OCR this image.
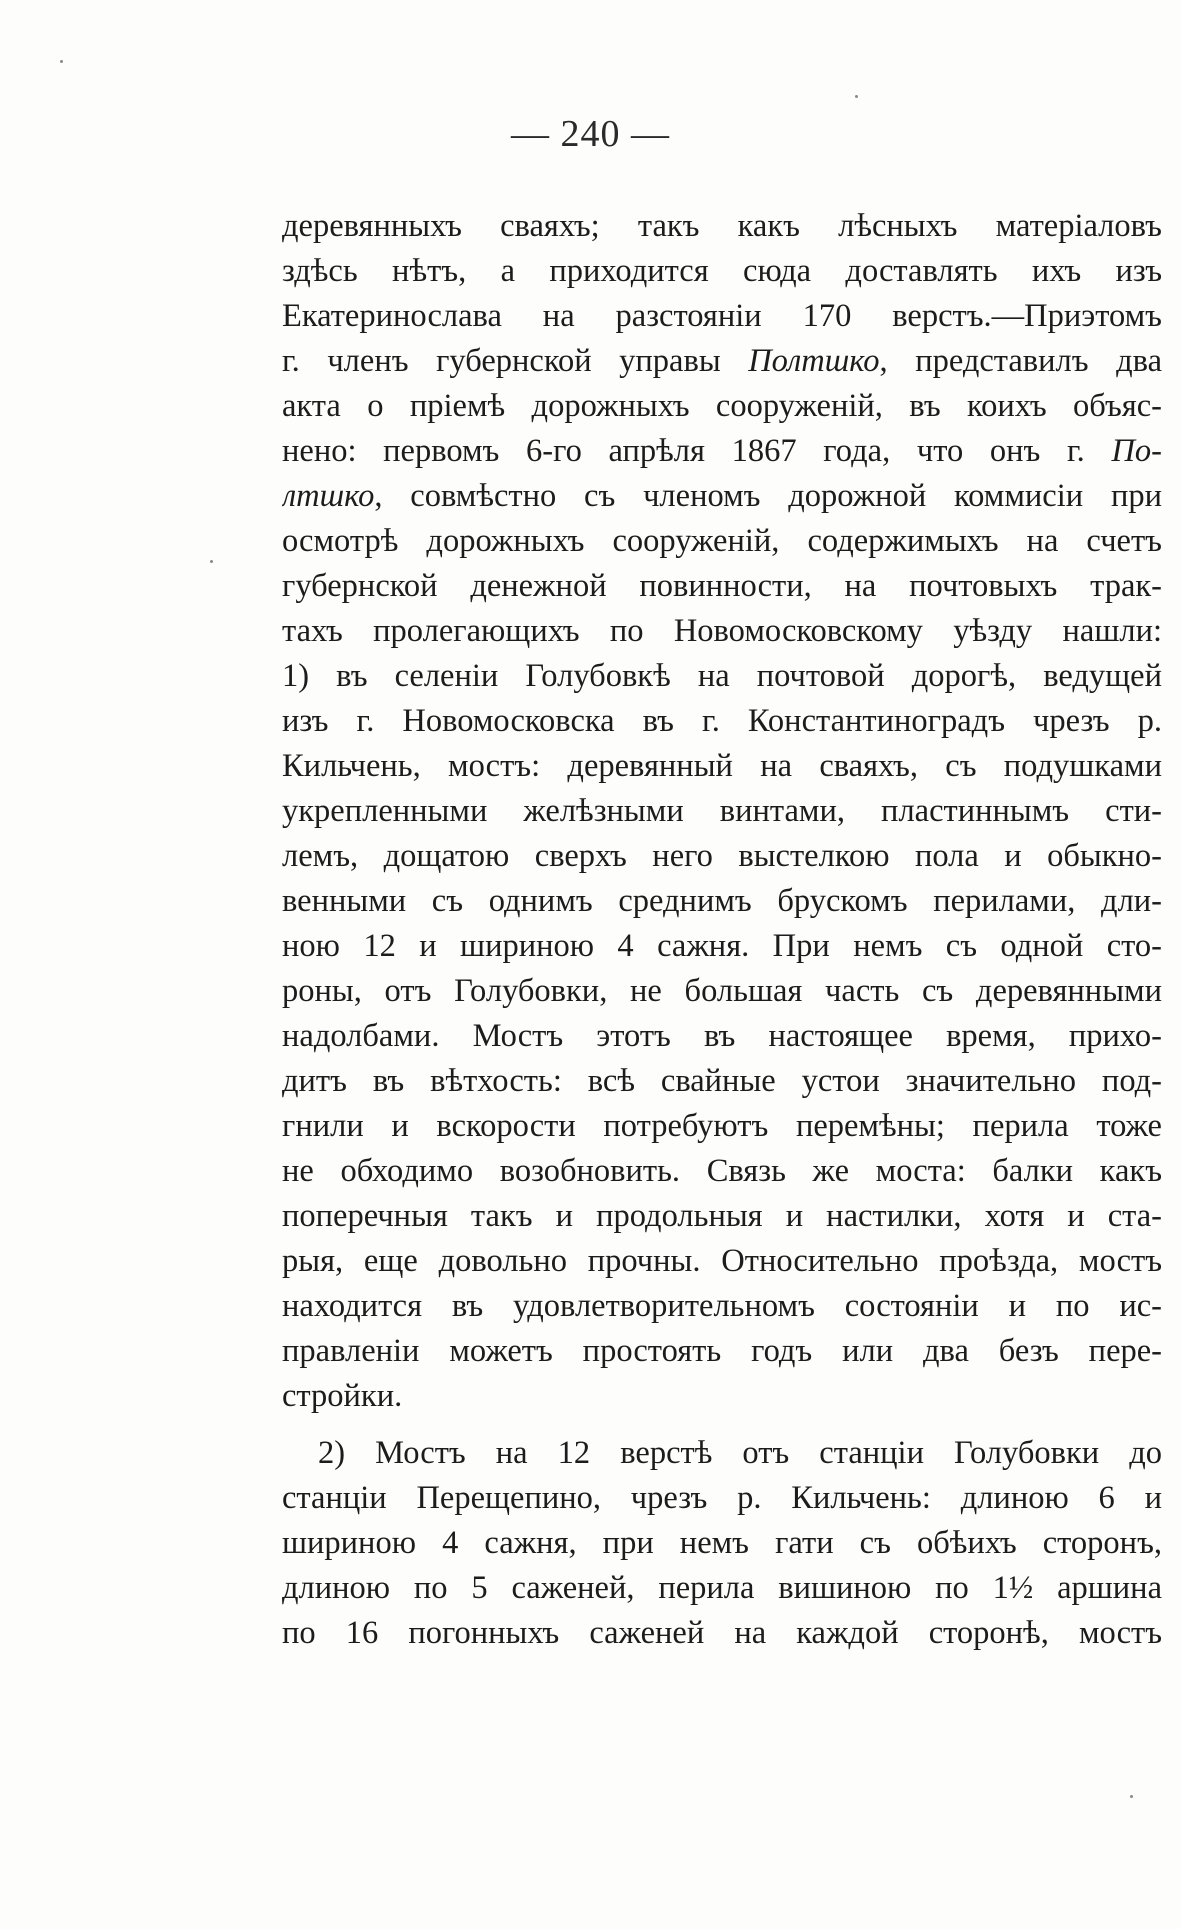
— 240 —
деревянныхъ сваяхъ; такъ какъ лѣсныхъ матеріаловъ
здѣсь нѣтъ, а приходится сюда доставлять ихъ изъ
Екатеринослава на разстояніи 170 верстъ.—Приэтомъ
г. членъ губернской управы Полтшко, представилъ два
акта о пріемѣ дорожныхъ сооруженій, въ коихъ объяс-
нено: первомъ 6-го апрѣля 1867 года, что онъ г. По-
лтшко, совмѣстно съ членомъ дорожной коммисіи при
осмотрѣ дорожныхъ сооруженій, содержимыхъ на счетъ
губернской денежной повинности, на почтовыхъ трак-
тахъ пролегающихъ по Новомосковскому уѣзду нашли:
1) въ селеніи Голубовкѣ на почтовой дорогѣ, ведущей
изъ г. Новомосковска въ г. Константиноградъ чрезъ р.
Кильчень, мостъ: деревянный на сваяхъ, съ подушками
укрепленными желѣзными винтами, пластиннымъ сти-
лемъ, дощатою сверхъ него выстелкою пола и обыкно-
венными съ однимъ среднимъ брускомъ перилами, дли-
ною 12 и шириною 4 сажня. При немъ съ одной сто-
роны, отъ Голубовки, не большая часть съ деревянными
надолбами. Мостъ этотъ въ настоящее время, прихо-
дитъ въ вѣтхость: всѣ свайные устои значительно под-
гнили и вскорости потребуютъ перемѣны; перила тоже
не обходимо возобновить. Связь же моста: балки какъ
поперечныя такъ и продольныя и настилки, хотя и ста-
рыя, еще довольно прочны. Относительно проѣзда, мостъ
находится въ удовлетворительномъ состояніи и по ис-
правленіи можетъ простоять годъ или два безъ пере-
стройки.
2) Мостъ на 12 верстѣ отъ станціи Голубовки до
станціи Перещепино, чрезъ р. Кильчень: длиною 6 и
шириною 4 сажня, при немъ гати съ обѣихъ сторонъ,
длиною по 5 саженей, перила вишиною по 1½ аршина
по 16 погонныхъ саженей на каждой сторонѣ, мостъ
